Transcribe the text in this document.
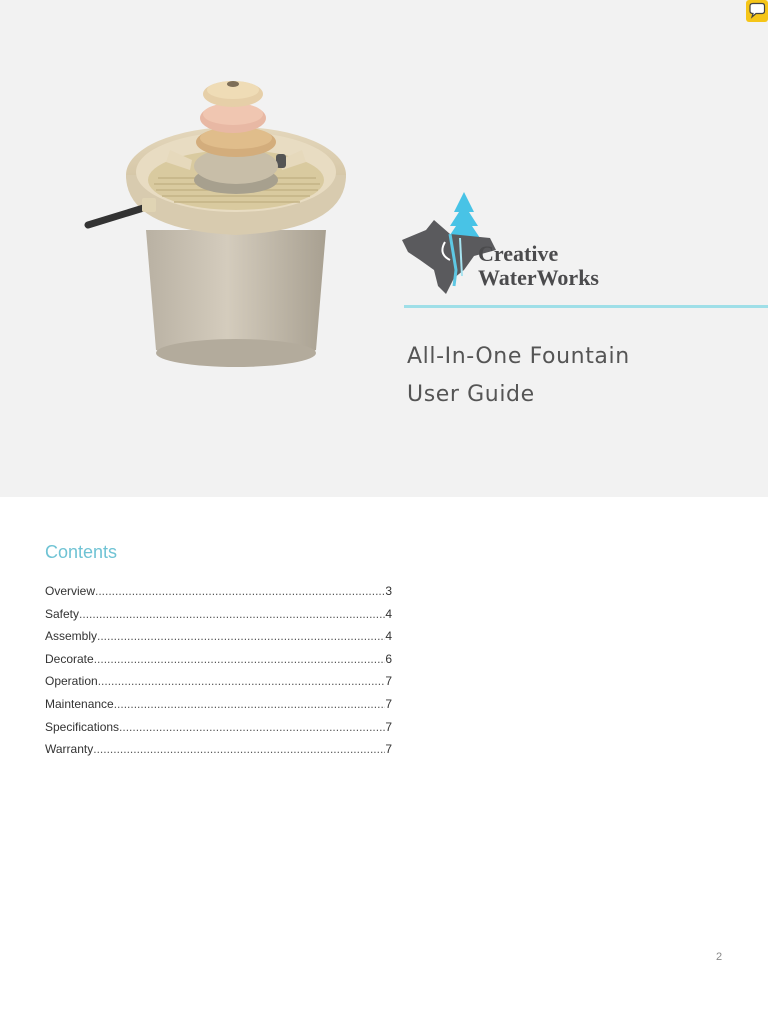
Creative
WaterWorks
All-In-One Fountain
User Guide
Contents
Overview .....	3
Safety .....	4
Assembly .....	4
Decorate .....	6
Operation .....	7
Maintenance .....	7
Specifications .....	7
Warranty .....	7
2
